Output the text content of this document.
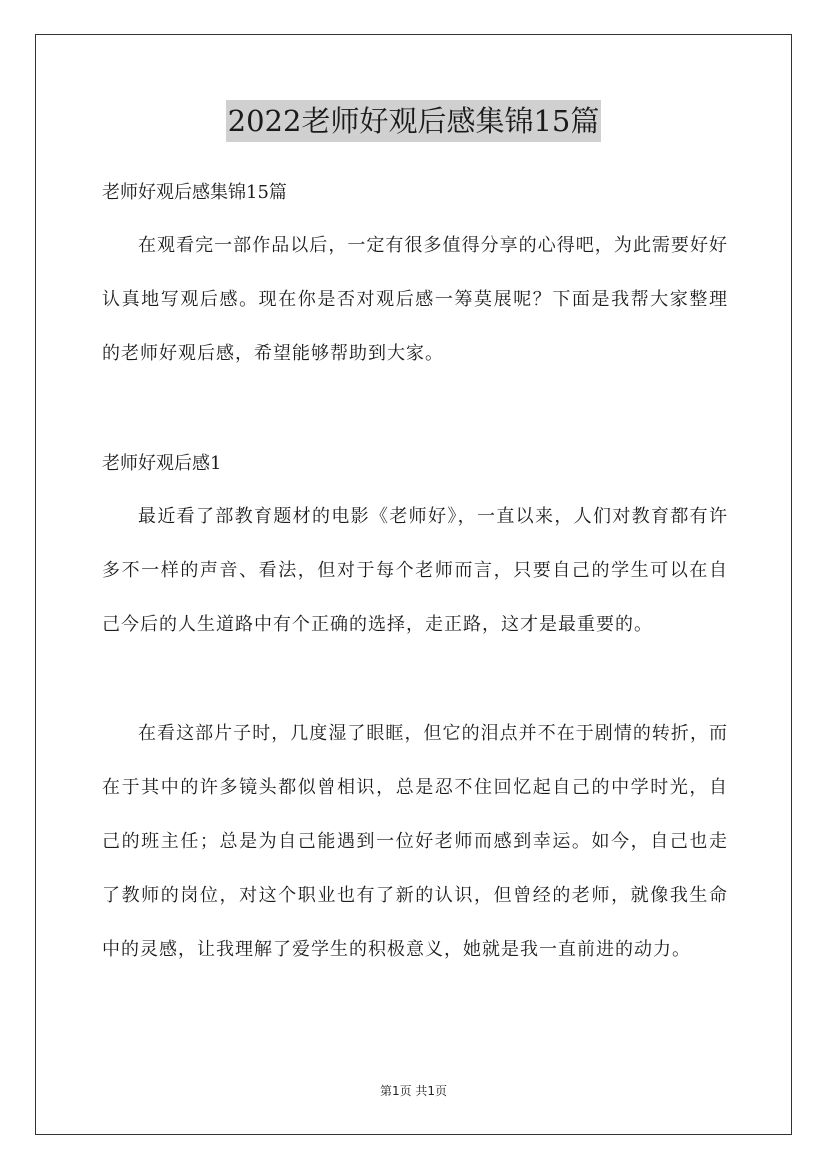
2022老师好观后感集锦15篇

老师好观后感集锦15篇

在观看完一部作品以后，一定有很多值得分享的心得吧，为此需要好好认真地写观后感。现在你是否对观后感一筹莫展呢？下面是我帮大家整理的老师好观后感，希望能够帮助到大家。

老师好观后感1

最近看了部教育题材的电影《老师好》，一直以来，人们对教育都有许多不一样的声音、看法，但对于每个老师而言，只要自己的学生可以在自己今后的人生道路中有个正确的选择，走正路，这才是最重要的。

在看这部片子时，几度湿了眼眶，但它的泪点并不在于剧情的转折，而在于其中的许多镜头都似曾相识，总是忍不住回忆起自己的中学时光，自己的班主任；总是为自己能遇到一位好老师而感到幸运。如今，自己也走了教师的岗位，对这个职业也有了新的认识，但曾经的老师，就像我生命中的灵感，让我理解了爱学生的积极意义，她就是我一直前进的动力。

第1页 共1页
